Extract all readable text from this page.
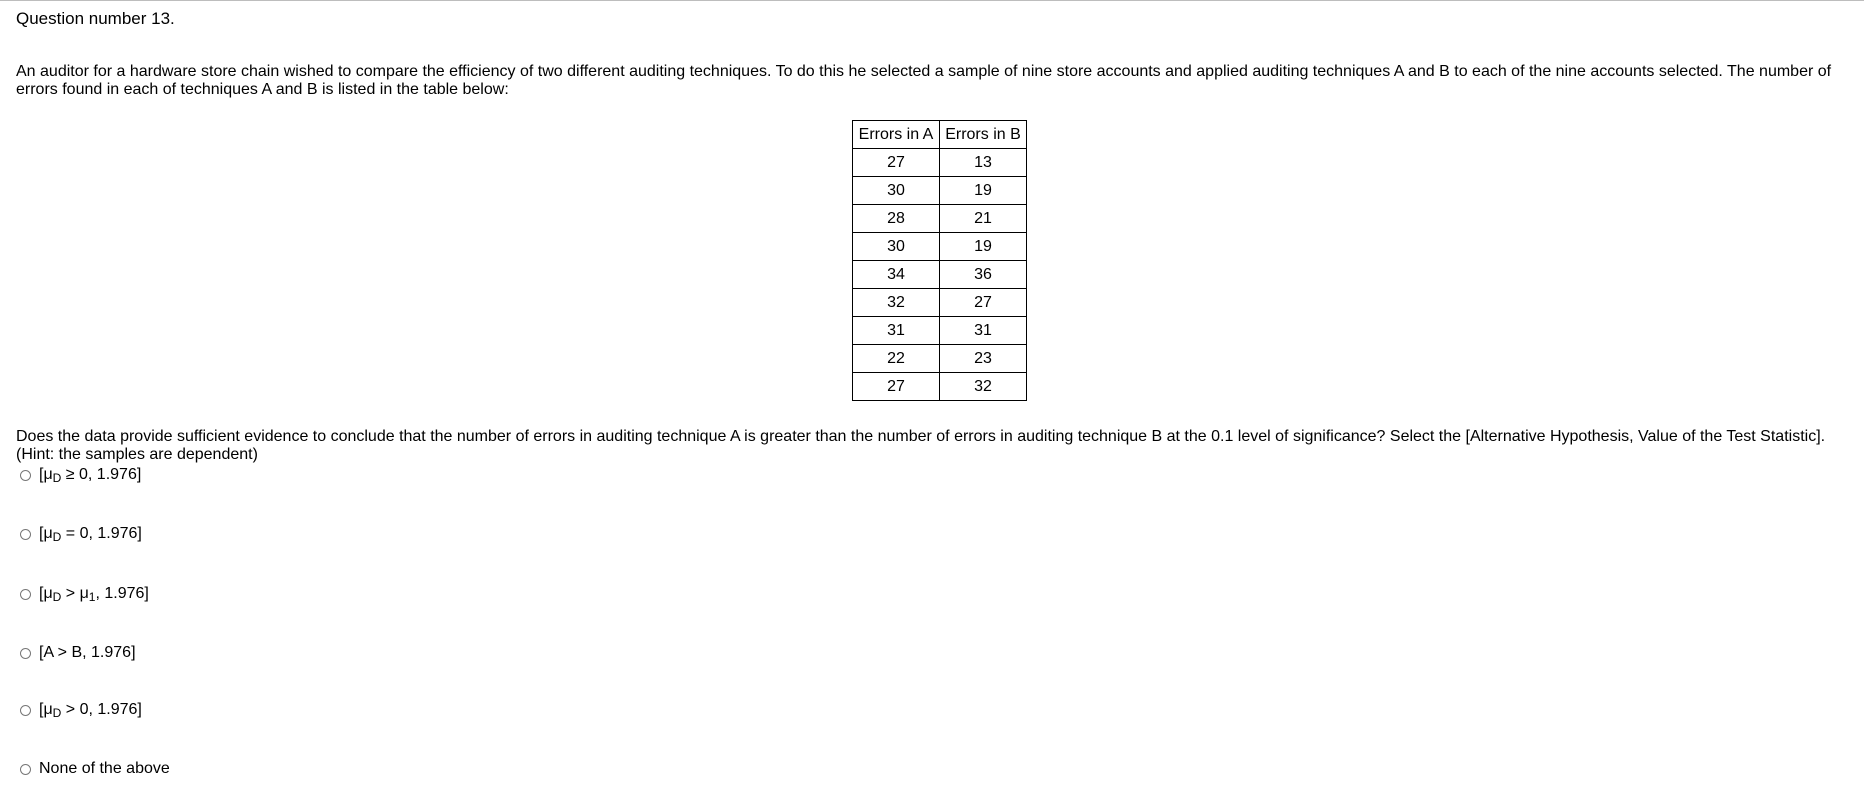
Question number 13.
An auditor for a hardware store chain wished to compare the efficiency of two different auditing techniques. To do this he selected a sample of nine store accounts and applied auditing techniques A and B to each of the nine accounts selected. The number of errors found in each of techniques A and B is listed in the table below:
Errors in A	Errors in B
27	13
30	19
28	21
30	19
34	36
32	27
31	31
22	23
27	32
Does the data provide sufficient evidence to conclude that the number of errors in auditing technique A is greater than the number of errors in auditing technique B at the 0.1 level of significance? Select the [Alternative Hypothesis, Value of the Test Statistic].
(Hint: the samples are dependent)
[$\mu_D \ge 0$, 1.976]
[$\mu_D = 0$, 1.976]
[$\mu_D > \mu_1$, 1.976]
[A > B, 1.976]
[$\mu_D > 0$, 1.976]
None of the above
